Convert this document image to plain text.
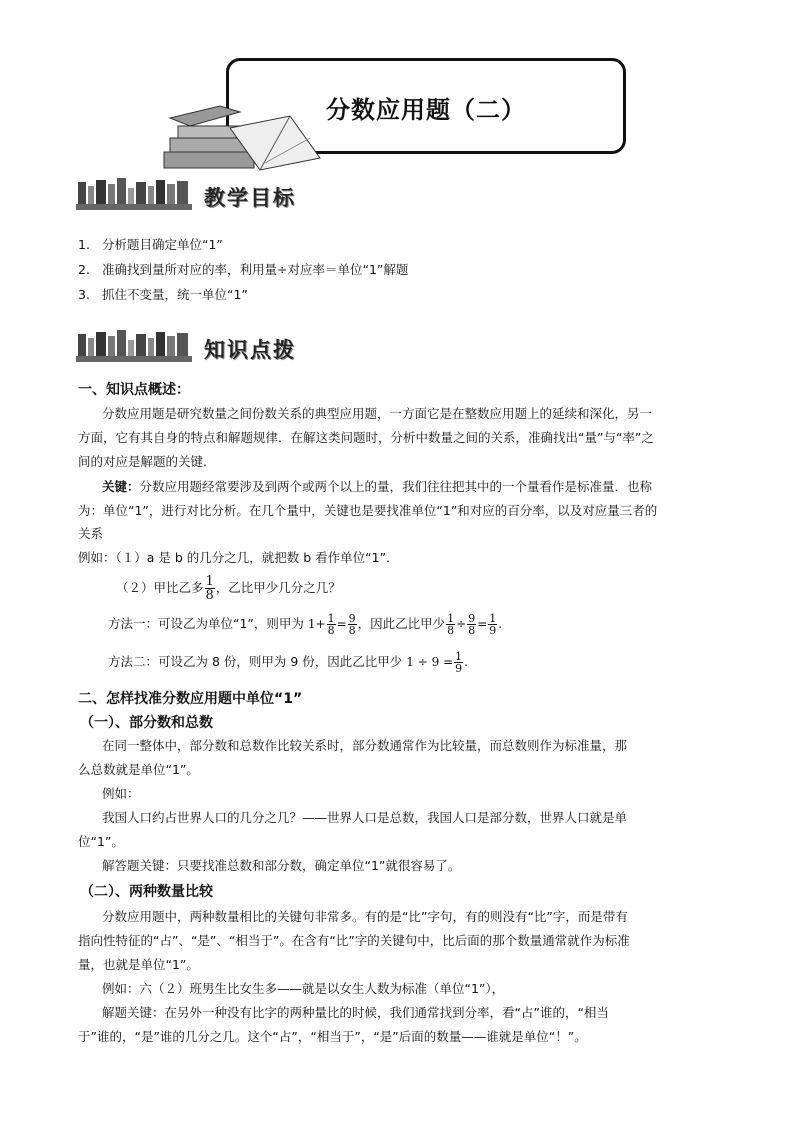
分数应用题（二）
教学目标
1. 分析题目确定单位“1”
2. 准确找到量所对应的率，利用量÷对应率＝单位“1”解题
3. 抓住不变量，统一单位“1”
知识点拨
一、知识点概述：
分数应用题是研究数量之间份数关系的典型应用题，一方面它是在整数应用题上的延续和深化，另一
方面，它有其自身的特点和解题规律．在解这类问题时，分析中数量之间的关系，准确找出“量”与“率”之
间的对应是解题的关键．
关键：分数应用题经常要涉及到两个或两个以上的量，我们往往把其中的一个量看作是标准量．也称
为：单位“1”，进行对比分析。在几个量中，关键也是要找准单位“1”和对应的百分率，以及对应量三者的
关系
例如：（１）a 是 b 的几分之几，就把数 b 看作单位“1”．
（２）甲比乙多 $\frac{1}{8}$ ，乙比甲少几分之几？
方法一：可设乙为单位“1”，则甲为 $1+ \frac{1}{8} = \frac{9}{8}$ ，因此乙比甲少 $\frac{1}{8} \div \frac{9}{8} = \frac{1}{9}$ .
方法二：可设乙为 8 份，则甲为 9 份，因此乙比甲少 $1 \div 9 = \frac{1}{9}$ .
二、怎样找准分数应用题中单位“1”
（一）、部分数和总数
在同一整体中，部分数和总数作比较关系时，部分数通常作为比较量，而总数则作为标准量，那
么总数就是单位“1”。
例如：
我国人口约占世界人口的几分之几？——世界人口是总数，我国人口是部分数，世界人口就是单
位“1”。
解答题关键：只要找准总数和部分数，确定单位“1”就很容易了。
（二）、两种数量比较
分数应用题中，两种数量相比的关键句非常多。有的是“比”字句，有的则没有“比”字，而是带有
指向性特征的“占”、“是”、“相当于”。在含有“比”字的关键句中，比后面的那个数量通常就作为标准
量，也就是单位“1”。
例如：六（２）班男生比女生多——就是以女生人数为标准（单位“1”），
解题关键：在另外一种没有比字的两种量比的时候，我们通常找到分率，看“占”谁的，“相当
于”谁的，“是”谁的几分之几。这个“占”，“相当于”，“是”后面的数量——谁就是单位“！”。
